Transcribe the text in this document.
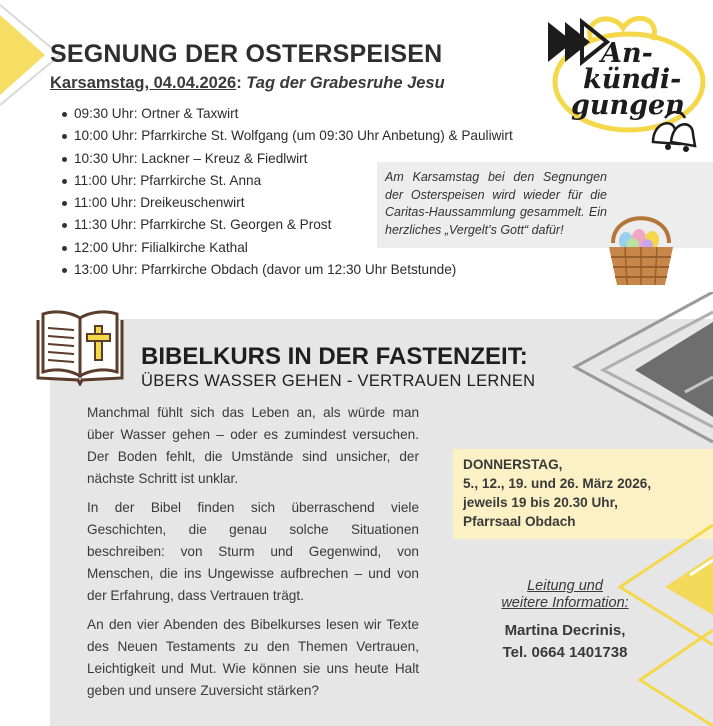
SEGNUNG DER OSTERSPEISEN
Karsamstag, 04.04.2026: Tag der Grabesruhe Jesu
09:30 Uhr: Ortner & Taxwirt
10:00 Uhr: Pfarrkirche St. Wolfgang (um 09:30 Uhr Anbetung) & Pauliwirt
10:30 Uhr: Lackner – Kreuz & Fiedlwirt
11:00 Uhr: Pfarrkirche St. Anna
11:00 Uhr: Dreikeuschenwirt
11:30 Uhr: Pfarrkirche St. Georgen & Prost
12:00 Uhr: Filialkirche Kathal
13:00 Uhr: Pfarrkirche Obdach (davor um 12:30 Uhr Betstunde)

Am Karsamstag bei den Segnungen der Osterspeisen wird wieder für die Caritas-Haussammlung gesammelt. Ein herzliches „Vergelt’s Gott“ dafür!

An-
kündi-
gungen
BIBELKURS IN DER FASTENZEIT:
ÜBERS WASSER GEHEN - VERTRAUEN LERNEN

Manchmal fühlt sich das Leben an, als würde man über Wasser gehen – oder es zumindest versuchen. Der Boden fehlt, die Umstände sind unsicher, der nächste Schritt ist unklar.

In der Bibel finden sich überraschend viele Geschichten, die genau solche Situationen beschreiben: von Sturm und Gegenwind, von Menschen, die ins Ungewisse aufbrechen – und von der Erfahrung, dass Vertrauen trägt.

An den vier Abenden des Bibelkurses lesen wir Texte des Neuen Testaments zu den Themen Vertrauen, Leichtigkeit und Mut. Wie können sie uns heute Halt geben und unsere Zuversicht stärken?

DONNERSTAG,
5., 12., 19. und 26. März 2026,
jeweils 19 bis 20.30 Uhr,
Pfarrsaal Obdach
Leitung und
weitere Information:
Martina Decrinis,
Tel. 0664 1401738
